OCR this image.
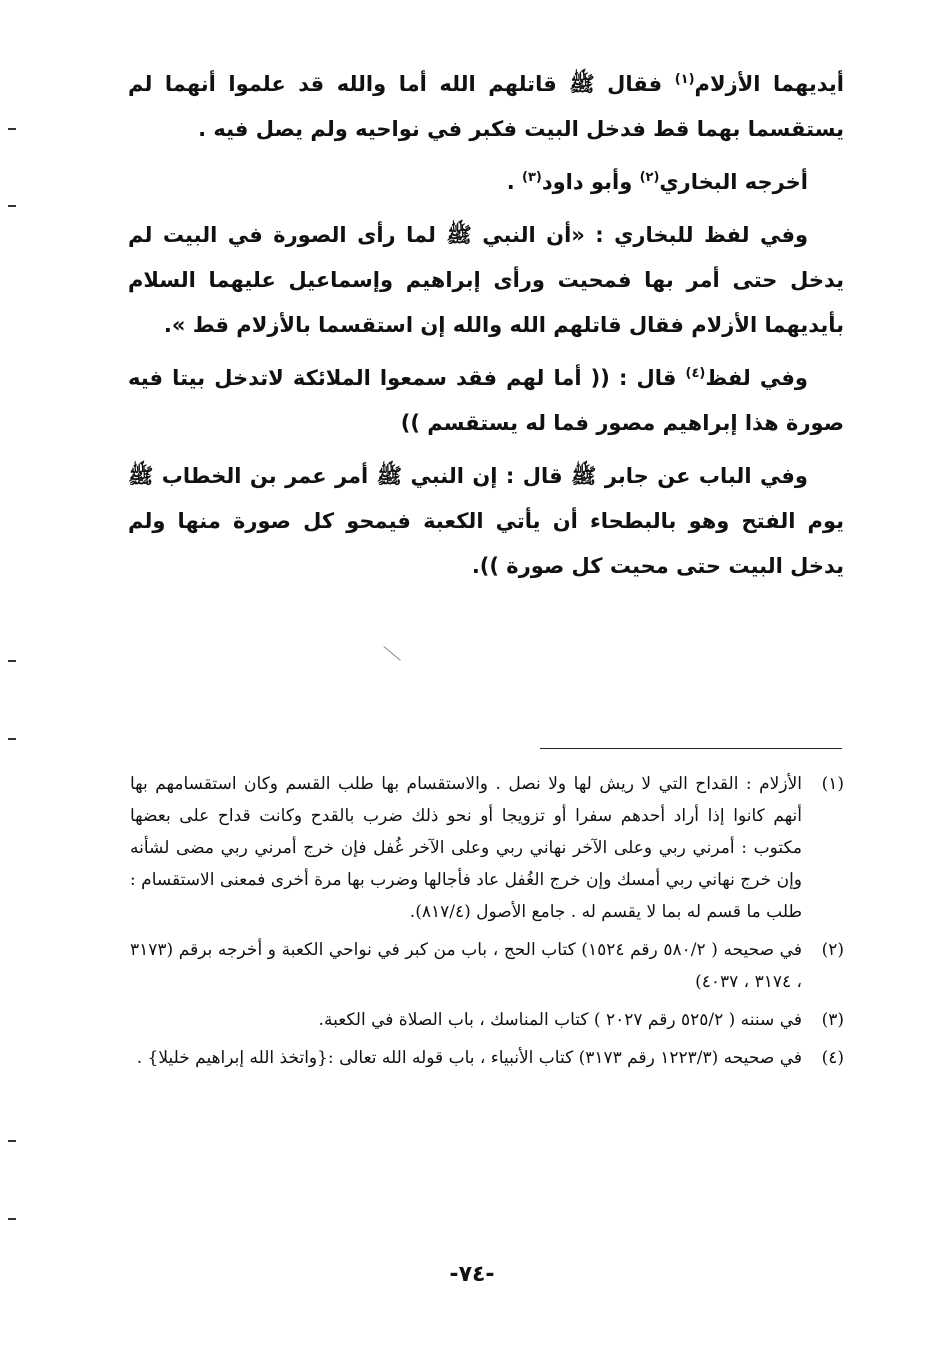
أيديهما الأزلام$^{(١)}$ فقال ﷺ قاتلهم الله أما والله قد علموا أنهما لم يستقسما بهما قط فدخل البيت فكبر في نواحيه ولم يصل فيه .

أخرجه البخاري$^{(٢)}$ وأبو داود$^{(٣)}$ .

وفي لفظ للبخاري : «أن النبي ﷺ لما رأى الصورة في البيت لم يدخل حتى أمر بها فمحيت ورأى إبراهيم وإسماعيل عليهما السلام بأيديهما الأزلام فقال قاتلهم الله والله إن استقسما بالأزلام قط ».

وفي لفظ$^{(٤)}$ قال : (( أما لهم فقد سمعوا الملائكة لاتدخل بيتا فيه صورة هذا إبراهيم مصور فما له يستقسم ))

وفي الباب عن جابر ﷺ قال : إن النبي ﷺ أمر عمر بن الخطاب ﷺ يوم الفتح وهو بالبطحاء أن يأتي الكعبة فيمحو كل صورة منها ولم يدخل البيت حتى محيت كل صورة )).

(١)
الأزلام : القداح التي لا ريش لها ولا نصل . والاستقسام بها طلب القسم وكان استقسامهم بها أنهم كانوا إذا أراد أحدهم سفرا أو تزويجا أو نحو ذلك ضرب بالقدح وكانت قداح على بعضها مكتوب : أمرني ربي وعلى الآخر نهاني ربي وعلى الآخر غُفل فإن خرج أمرني ربي مضى لشأنه وإن خرج نهاني ربي أمسك وإن خرج الغُفل عاد فأجالها وضرب بها مرة أخرى فمعنى الاستقسام : طلب ما قسم له بما لا يقسم له . جامع الأصول (٨١٧/٤).
(٢)
في صحيحه ( ٥٨٠/٢ رقم ١٥٢٤) كتاب الحج ، باب من كبر في نواحي الكعبة و أخرجه برقم (٣١٧٣ ، ٣١٧٤ ، ٤٠٣٧)
(٣)
في سننه ( ٥٢٥/٢ رقم ٢٠٢٧ ) كتاب المناسك ، باب الصلاة في الكعبة.
(٤)
في صحيحه (١٢٢٣/٣ رقم ٣١٧٣) كتاب الأنبياء ، باب قوله الله تعالى :{واتخذ الله إبراهيم خليلا} .
-٧٤-
